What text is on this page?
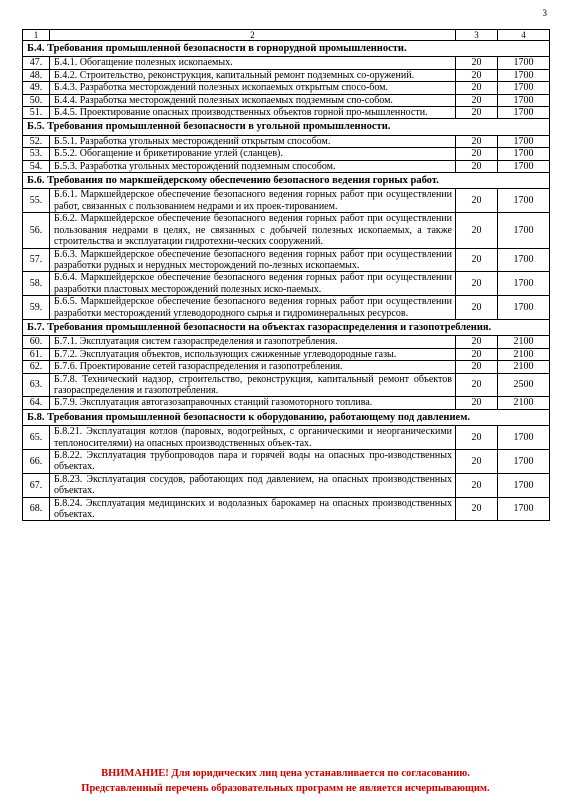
3
1	2	3	4
Б.4. Требования промышленной безопасности в горнорудной промышленности.			
47.	Б.4.1. Обогащение полезных ископаемых.	20	1700
48.	Б.4.2. Строительство, реконструкция, капитальный ремонт подземных со-оружений.	20	1700
49.	Б.4.3. Разработка месторождений полезных ископаемых открытым спосо-бом.	20	1700
50.	Б.4.4. Разработка месторождений полезных ископаемых подземным спо-собом.	20	1700
51.	Б.4.5. Проектирование опасных производственных объектов горной про-мышленности.	20	1700
Б.5. Требования промышленной безопасности в угольной промышленности.			
52.	Б.5.1. Разработка угольных месторождений открытым способом.	20	1700
53.	Б.5.2. Обогащение и брикетирование углей (сланцев).	20	1700
54.	Б.5.3. Разработка угольных месторождений подземным способом.	20	1700
Б.6. Требования по маркшейдерскому обеспечению безопасного ведения горных работ.			
55.	Б.6.1. Маркшейдерское обеспечение безопасного ведения горных работ при осуществлении работ, связанных с пользованием недрами и их проек-тированием.	20	1700
56.	Б.6.2. Маркшейдерское обеспечение безопасного ведения горных работ при осуществлении пользования недрами в целях, не связанных с добычей полезных ископаемых, а также строительства и эксплуатации гидротехни-ческих сооружений.	20	1700
57.	Б.6.3. Маркшейдерское обеспечение безопасного ведения горных работ при осуществлении разработки рудных и нерудных месторождений по-лезных ископаемых.	20	1700
58.	Б.6.4. Маркшейдерское обеспечение безопасного ведения горных работ при осуществлении разработки пластовых месторождений полезных иско-паемых.	20	1700
59.	Б.6.5. Маркшейдерское обеспечение безопасного ведения горных работ при осуществлении разработки месторождений углеводородного сырья и гидроминеральных ресурсов.	20	1700
Б.7. Требования промышленной безопасности на объектах газораспределения и газопотребления.			
60.	Б.7.1. Эксплуатация систем газораспределения и газопотребления.	20	2100
61.	Б.7.2. Эксплуатация объектов, использующих сжиженные углеводородные газы.	20	2100
62.	Б.7.6. Проектирование сетей газораспределения и газопотребления.	20	2100
63.	Б.7.8. Технический надзор, строительство, реконструкция, капитальный ремонт объектов газораспределения и газопотребления.	20	2500
64.	Б.7.9. Эксплуатация автогазозаправочных станций газомоторного топлива.	20	2100
Б.8. Требования промышленной безопасности к оборудованию, работающему под давлением.			
65.	Б.8.21. Эксплуатация котлов (паровых, водогрейных, с органическими и неорганическими теплоносителями) на опасных производственных объек-тах.	20	1700
66.	Б.8.22. Эксплуатация трубопроводов пара и горячей воды на опасных про-изводственных объектах.	20	1700
67.	Б.8.23. Эксплуатация сосудов, работающих под давлением, на опасных производственных объектах.	20	1700
68.	Б.8.24. Эксплуатация медицинских и водолазных барокамер на опасных производственных объектах.	20	1700
ВНИМАНИЕ! Для юридических лиц цена устанавливается по согласованию.
Представленный перечень образовательных программ не является исчерпывающим.
